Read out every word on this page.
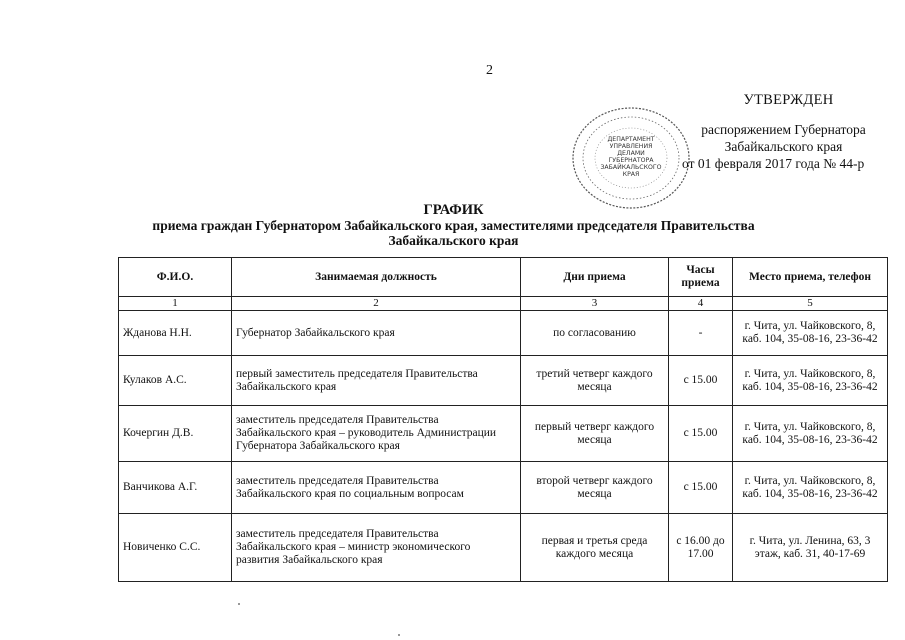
2
ДЕПАРТАМЕНТ
УПРАВЛЕНИЯ
ДЕЛАМИ
ГУБЕРНАТОРА
ЗАБАЙКАЛЬСКОГО
КРАЯ
УТВЕРЖДЕН
распоряжением Губернатора
Забайкальского края
от 01 февраля 2017 года № 44-р
ГРАФИК
приема граждан Губернатором Забайкальского края, заместителями председателя Правительства
Забайкальского края
Ф.И.О.	Занимаемая должность	Дни приема	Часы приема	Место приема, телефон
1	2	3	4	5
Жданова Н.Н.	Губернатор Забайкальского края	по согласованию	-	г. Чита, ул. Чайковского, 8, каб. 104, 35-08-16, 23-36-42
Кулаков А.С.	первый заместитель председателя Правительства Забайкальского края	третий четверг каждого месяца	с 15.00	г. Чита, ул. Чайковского, 8, каб. 104, 35-08-16, 23-36-42
Кочергин Д.В.	заместитель председателя Правительства Забайкальского края – руководитель Администрации Губернатора Забайкальского края	первый четверг каждого месяца	с 15.00	г. Чита, ул. Чайковского, 8, каб. 104, 35-08-16, 23-36-42
Ванчикова А.Г.	заместитель председателя Правительства Забайкальского края по социальным вопросам	второй четверг каждого месяца	с 15.00	г. Чита, ул. Чайковского, 8, каб. 104, 35-08-16, 23-36-42
Новиченко С.С.	заместитель председателя Правительства Забайкальского края – министр экономического развития Забайкальского края	первая и третья среда каждого месяца	с 16.00 до 17.00	г. Чита, ул. Ленина, 63, 3 этаж, каб. 31, 40-17-69
